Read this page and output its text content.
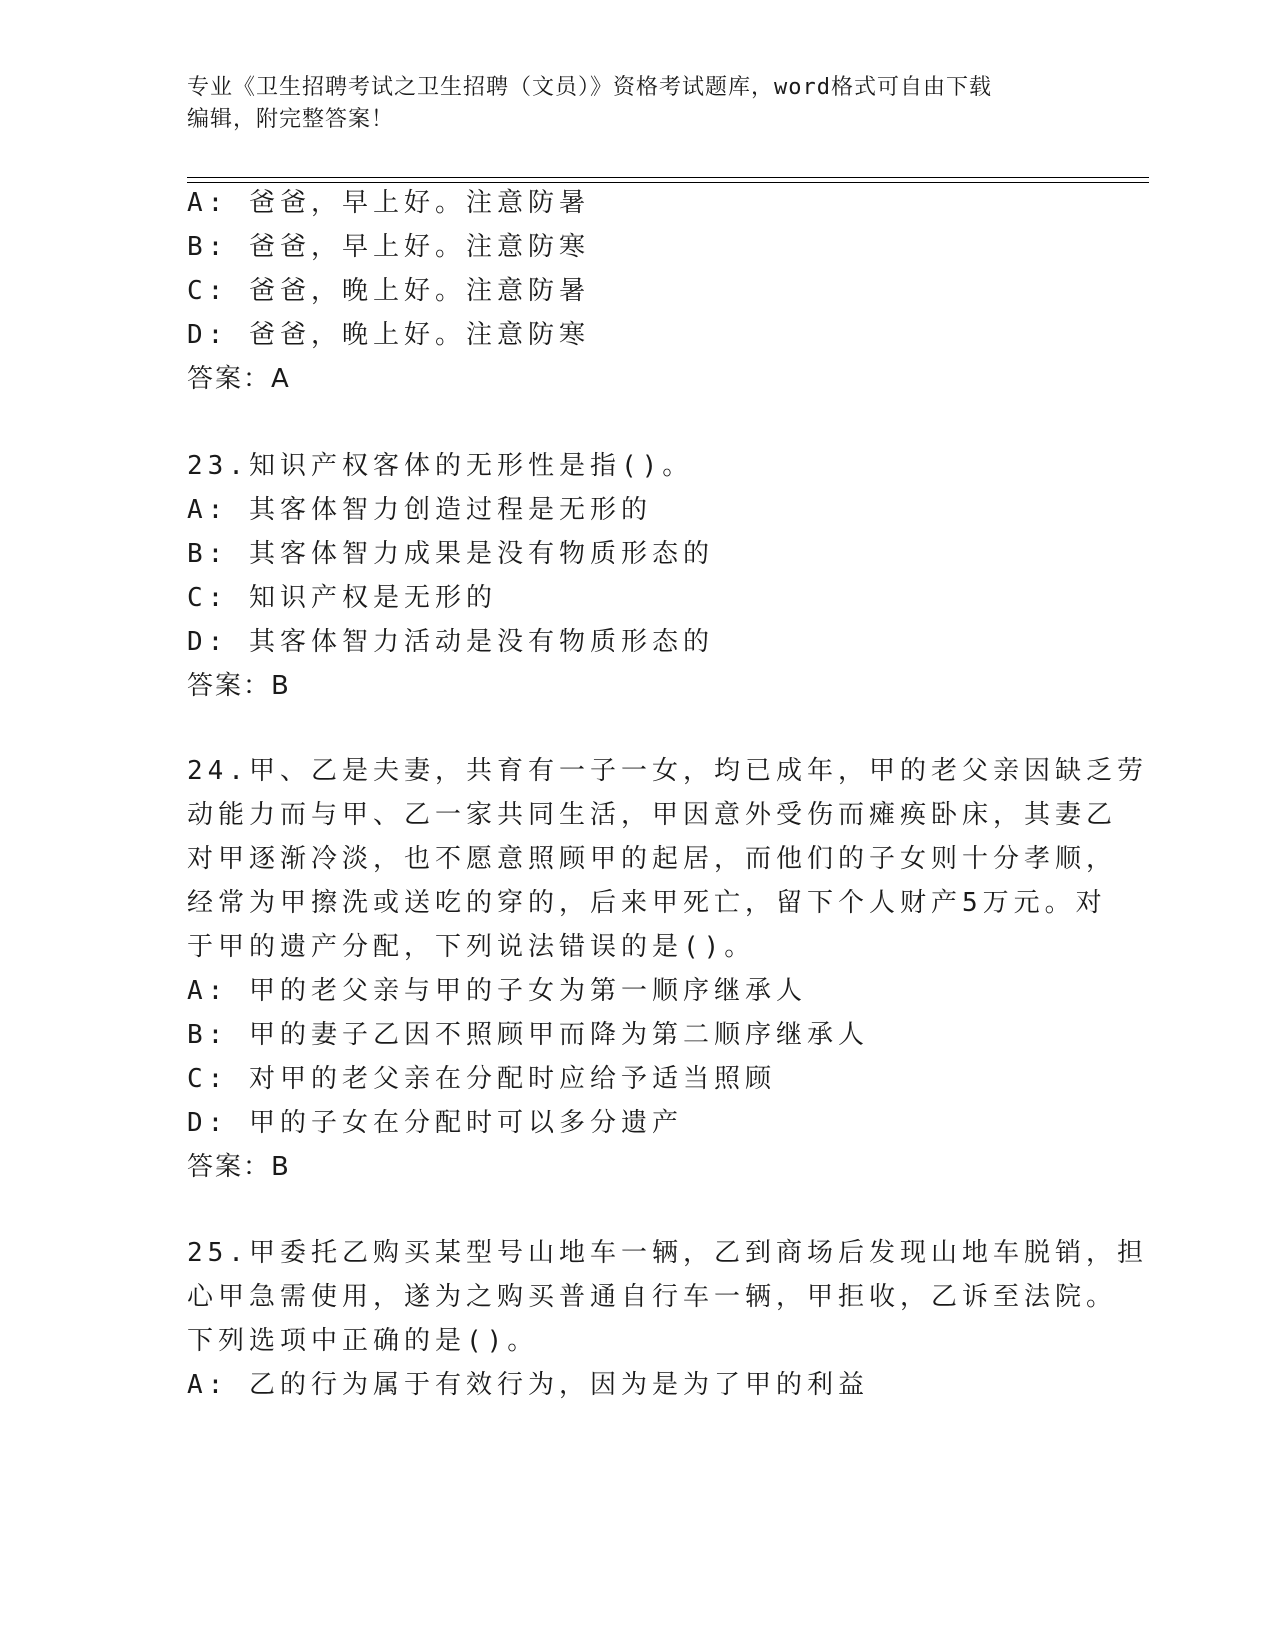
专业《卫生招聘考试之卫生招聘（文员）》资格考试题库，word格式可自由下载
编辑，附完整答案！
A: 爸爸，早上好。注意防暑
B: 爸爸，早上好。注意防寒
C: 爸爸，晚上好。注意防暑
D: 爸爸，晚上好。注意防寒
答案：A
23.知识产权客体的无形性是指()。
A: 其客体智力创造过程是无形的
B: 其客体智力成果是没有物质形态的
C: 知识产权是无形的
D: 其客体智力活动是没有物质形态的
答案：B
24.甲、乙是夫妻，共育有一子一女，均已成年，甲的老父亲因缺乏劳
动能力而与甲、乙一家共同生活，甲因意外受伤而瘫痪卧床，其妻乙
对甲逐渐冷淡，也不愿意照顾甲的起居，而他们的子女则十分孝顺，
经常为甲擦洗或送吃的穿的，后来甲死亡，留下个人财产5万元。对
于甲的遗产分配，下列说法错误的是()。
A: 甲的老父亲与甲的子女为第一顺序继承人
B: 甲的妻子乙因不照顾甲而降为第二顺序继承人
C: 对甲的老父亲在分配时应给予适当照顾
D: 甲的子女在分配时可以多分遗产
答案：B
25.甲委托乙购买某型号山地车一辆，乙到商场后发现山地车脱销，担
心甲急需使用，遂为之购买普通自行车一辆，甲拒收，乙诉至法院。
下列选项中正确的是()。
A: 乙的行为属于有效行为，因为是为了甲的利益
